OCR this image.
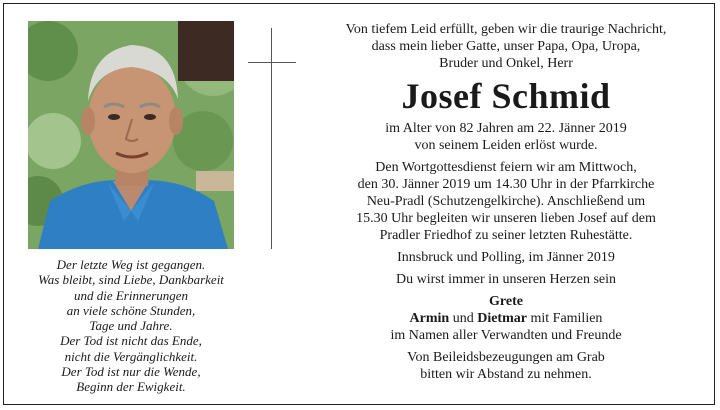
Der letzte Weg ist gegangen.
Was bleibt, sind Liebe, Dankbarkeit
und die Erinnerungen
an viele schöne Stunden,
Tage und Jahre.
Der Tod ist nicht das Ende,
nicht die Vergänglichkeit.
Der Tod ist nur die Wende,
Beginn der Ewigkeit.
Von tiefem Leid erfüllt, geben wir die traurige Nachricht,
dass mein lieber Gatte, unser Papa, Opa, Uropa,
Bruder und Onkel, Herr
Josef Schmid
im Alter von 82 Jahren am 22. Jänner 2019
von seinem Leiden erlöst wurde.
Den Wortgottesdienst feiern wir am Mittwoch,
den 30. Jänner 2019 um 14.30 Uhr in der Pfarrkirche
Neu-Pradl (Schutzengelkirche). Anschließend um
15.30 Uhr begleiten wir unseren lieben Josef auf dem
Pradler Friedhof zu seiner letzten Ruhestätte.
Innsbruck und Polling, im Jänner 2019
Du wirst immer in unseren Herzen sein
Grete
Armin und Dietmar mit Familien
im Namen aller Verwandten und Freunde
Von Beileidsbezeugungen am Grab
bitten wir Abstand zu nehmen.
